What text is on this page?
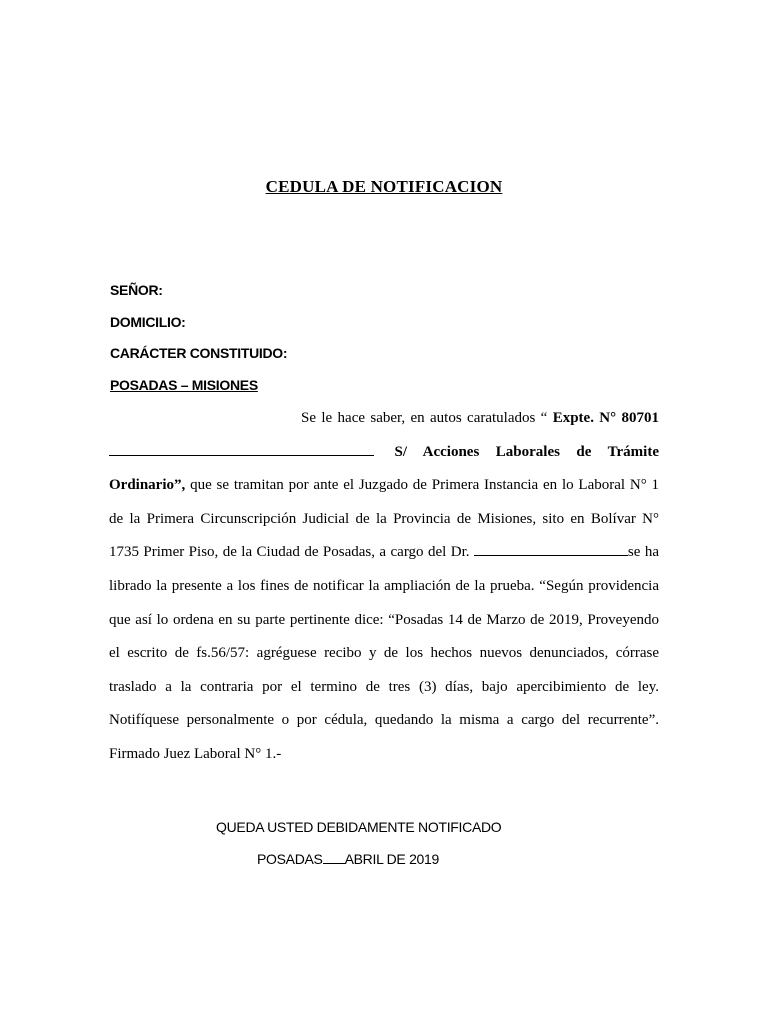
CEDULA DE NOTIFICACION
SEÑOR:
DOMICILIO:
CARÁCTER CONSTITUIDO:
POSADAS – MISIONES
Se le hace saber, en autos caratulados “ Expte. N° 80701  S/ Acciones Laborales de Trámite Ordinario”, que se tramitan por ante el Juzgado de Primera Instancia en lo Laboral N° 1 de la Primera Circunscripción Judicial de la Provincia de Misiones, sito en Bolívar N° 1735 Primer Piso, de la Ciudad de Posadas, a cargo del Dr.	se ha librado la presente a los fines de notificar la ampliación de la prueba. “Según providencia que así lo ordena en su parte pertinente dice: “Posadas 14 de Marzo de 2019, Proveyendo el escrito de fs.56/57: agréguese recibo y de los hechos nuevos denunciados, córrase traslado a la contraria por el termino de tres (3) días, bajo apercibimiento de ley. Notifíquese personalmente o por cédula, quedando la misma a cargo del recurrente”. Firmado Juez Laboral N° 1.-
QUEDA USTED DEBIDAMENTE NOTIFICADO
POSADAS ABRIL DE 2019
